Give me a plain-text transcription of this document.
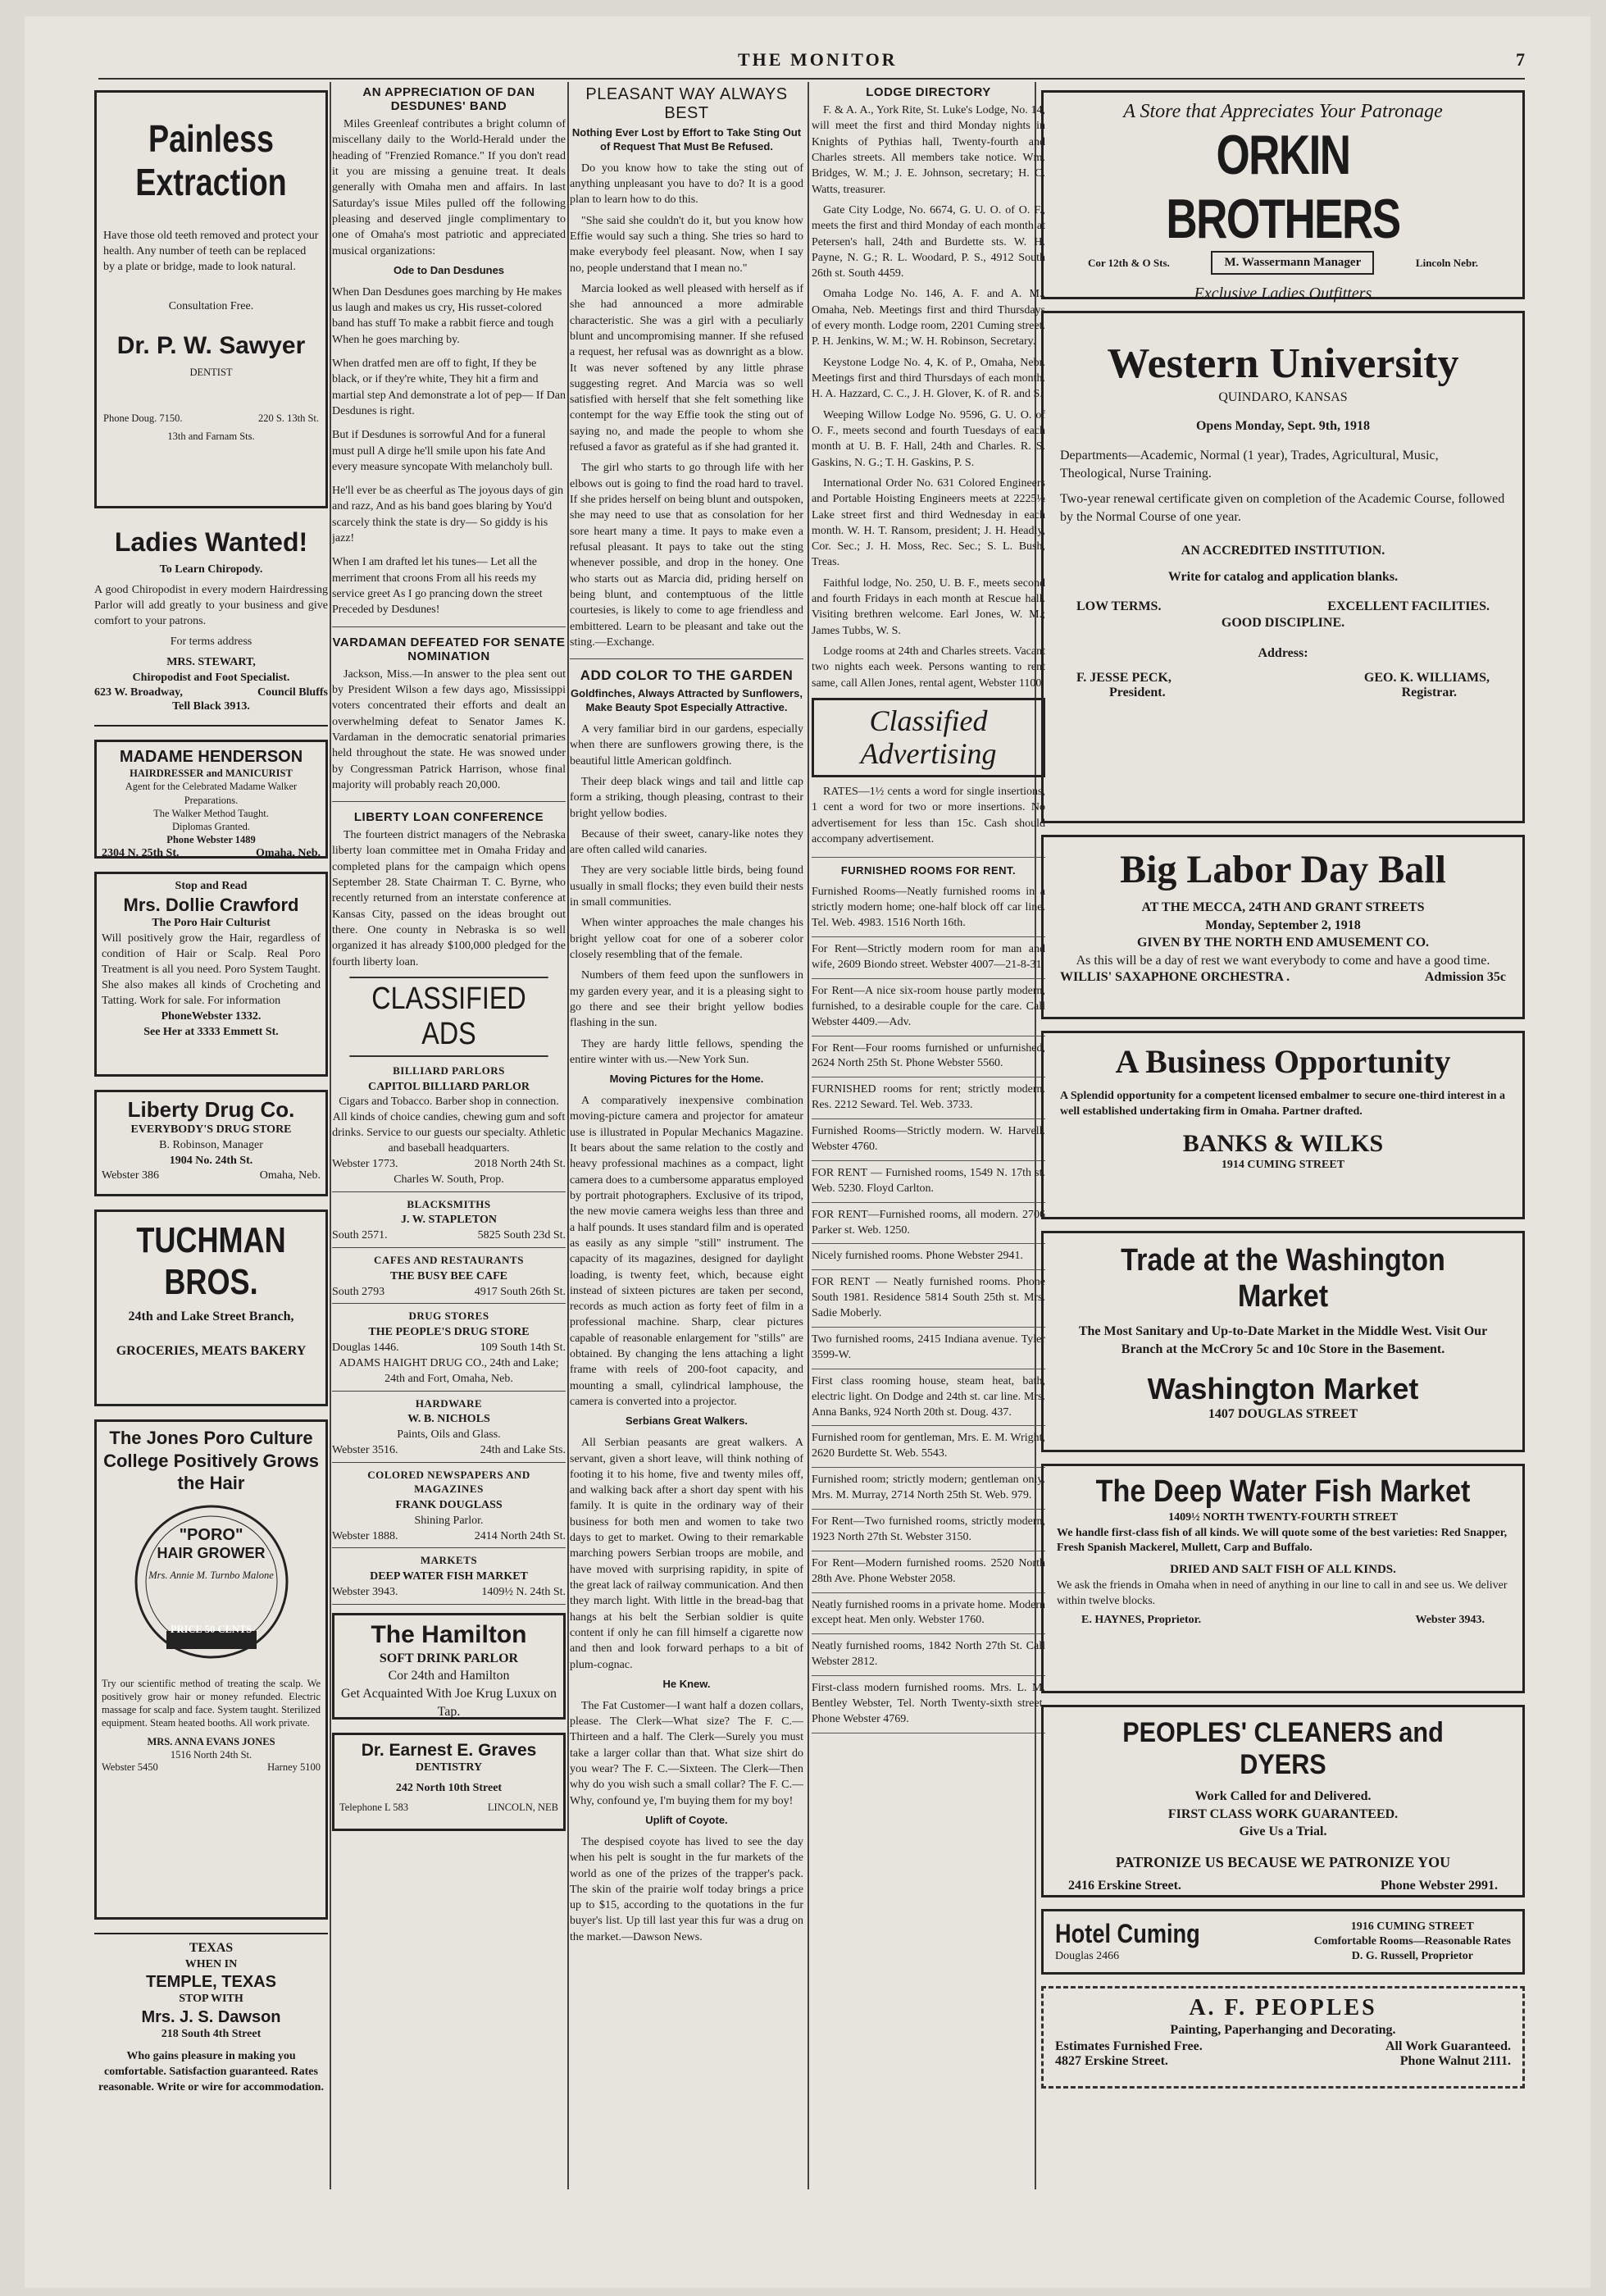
THE MONITOR	7
Painless
Extraction

Have those old teeth removed and protect your health. Any number of teeth can be replaced by a plate or bridge, made to look natural.

Consultation Free.

Dr. P. W. Sawyer

DENTIST

Phone Doug. 7150.	220 S. 13th St.

13th and Farnam Sts.

Ladies Wanted!

To Learn Chiropody.

A good Chiropodist in every modern Hairdressing Parlor will add greatly to your business and give comfort to your patrons.

For terms address

MRS. STEWART,

Chiropodist and Foot Specialist.

623 W. Broadway,	Council Bluffs

Tell Black 3913.

MADAME HENDERSON
HAIRDRESSER and MANICURIST
Agent for the Celebrated Madame Walker Preparations.
The Walker Method Taught.
Diplomas Granted.
Phone Webster 1489
2304 N. 25th St.	Omaha, Neb.
Stop and Read
Mrs. Dollie Crawford
The Poro Hair Culturist
Will positively grow the Hair, regardless of condition of Hair or Scalp. Real Poro Treatment is all you need. Poro System Taught. She also makes all kinds of Crocheting and Tatting. Work for sale. For information
PhoneWebster 1332.
See Her at 3333 Emmett St.
Liberty Drug Co.
EVERYBODY'S DRUG STORE
B. Robinson, Manager
1904 No. 24th St.
Webster 386	Omaha, Neb.
TUCHMAN
BROS.

24th and Lake Street Branch,

GROCERIES, MEATS BAKERY

The Jones Poro Culture College Positively Grows the Hair
"PORO"
HAIR GROWER
Mrs. Annie M. Turnbo Malone
PRICE 50 CENTS
Try our scientific method of treating the scalp. We positively grow hair or money refunded. Electric massage for scalp and face. System taught. Sterilized equipment. Steam heated booths. All work private.
MRS. ANNA EVANS JONES
1516 North 24th St.
Webster 5450	Harney 5100
TEXAS
WHEN IN
TEMPLE, TEXAS
STOP WITH
Mrs. J. S. Dawson
218 South 4th Street
Who gains pleasure in making you comfortable. Satisfaction guaranteed. Rates reasonable. Write or wire for accommodation.
AN APPRECIATION OF DAN DESDUNES' BAND

Miles Greenleaf contributes a bright column of miscellany daily to the World-Herald under the heading of "Frenzied Romance." If you don't read it you are missing a genuine treat. It deals generally with Omaha men and affairs. In last Saturday's issue Miles pulled off the following pleasing and deserved jingle complimentary to one of Omaha's most patriotic and appreciated musical organizations:

Ode to Dan Desdunes

When Dan Desdunes goes marching by He makes us laugh and makes us cry, His russet-colored band has stuff To make a rabbit fierce and tough When he goes marching by.

When dratfed men are off to fight, If they be black, or if they're white, They hit a firm and martial step And demonstrate a lot of pep— If Dan Desdunes is right.

But if Desdunes is sorrowful And for a funeral must pull A dirge he'll smile upon his fate And every measure syncopate With melancholy bull.

He'll ever be as cheerful as The joyous days of gin and razz, And as his band goes blaring by You'd scarcely think the state is dry— So giddy is his jazz!

When I am drafted let his tunes— Let all the merriment that croons From all his reeds my service greet As I go prancing down the street Preceded by Desdunes!

VARDAMAN DEFEATED FOR SENATE NOMINATION

Jackson, Miss.—In answer to the plea sent out by President Wilson a few days ago, Mississippi voters concentrated their efforts and dealt an overwhelming defeat to Senator James K. Vardaman in the democratic senatorial primaries held throughout the state. He was snowed under by Congressman Patrick Harrison, whose final majority will probably reach 20,000.

LIBERTY LOAN CONFERENCE

The fourteen district managers of the Nebraska liberty loan committee met in Omaha Friday and completed plans for the campaign which opens September 28. State Chairman T. C. Byrne, who recently returned from an interstate conference at Kansas City, passed on the ideas brought out there. One county in Nebraska is so well organized it has already $100,000 pledged for the fourth liberty loan.

CLASSIFIED ADS
BILLIARD PARLORS
CAPITOL BILLIARD PARLOR
Cigars and Tobacco. Barber shop in connection. All kinds of choice candies, chewing gum and soft drinks. Service to our guests our specialty. Athletic and baseball headquarters.
Webster 1773.	2018 North 24th St.
Charles W. South, Prop.
BLACKSMITHS
J. W. STAPLETON
South 2571.	5825 South 23d St.
CAFES AND RESTAURANTS
THE BUSY BEE CAFE
South 2793	4917 South 26th St.
DRUG STORES
THE PEOPLE'S DRUG STORE
Douglas 1446.	109 South 14th St.
ADAMS HAIGHT DRUG CO., 24th and Lake; 24th and Fort, Omaha, Neb.
HARDWARE
W. B. NICHOLS
Paints, Oils and Glass.
Webster 3516.	24th and Lake Sts.
COLORED NEWSPAPERS AND MAGAZINES
FRANK DOUGLASS
Shining Parlor.
Webster 1888.	2414 North 24th St.
MARKETS
DEEP WATER FISH MARKET
Webster 3943.	1409½ N. 24th St.
The Hamilton
SOFT DRINK PARLOR
Cor 24th and Hamilton
Get Acquainted With Joe Krug Luxux on Tap.
Dr. Earnest E. Graves
DENTISTRY
242 North 10th Street
Telephone L 583	LINCOLN, NEB
PLEASANT WAY ALWAYS BEST
Nothing Ever Lost by Effort to Take Sting Out of Request That Must Be Refused.

Do you know how to take the sting out of anything unpleasant you have to do? It is a good plan to learn how to do this.

"She said she couldn't do it, but you know how Effie would say such a thing. She tries so hard to make everybody feel pleasant. Now, when I say no, people understand that I mean no."

Marcia looked as well pleased with herself as if she had announced a more admirable characteristic. She was a girl with a peculiarly blunt and uncompromising manner. If she refused a request, her refusal was as downright as a blow. It was never softened by any little phrase suggesting regret. And Marcia was so well satisfied with herself that she felt something like contempt for the way Effie took the sting out of saying no, and made the people to whom she refused a favor as grateful as if she had granted it.

The girl who starts to go through life with her elbows out is going to find the road hard to travel. If she prides herself on being blunt and outspoken, she may need to use that as consolation for her sore heart many a time. It pays to make even a refusal pleasant. It pays to take out the sting whenever possible, and drop in the honey. One who starts out as Marcia did, priding herself on being blunt, and contemptuous of the little courtesies, is likely to come to age friendless and embittered. Learn to be pleasant and take out the sting.—Exchange.

ADD COLOR TO THE GARDEN
Goldfinches, Always Attracted by Sunflowers, Make Beauty Spot Especially Attractive.

A very familiar bird in our gardens, especially when there are sunflowers growing there, is the beautiful little American goldfinch.

Their deep black wings and tail and little cap form a striking, though pleasing, contrast to their bright yellow bodies.

Because of their sweet, canary-like notes they are often called wild canaries.

They are very sociable little birds, being found usually in small flocks; they even build their nests in small communities.

When winter approaches the male changes his bright yellow coat for one of a soberer color closely resembling that of the female.

Numbers of them feed upon the sunflowers in my garden every year, and it is a pleasing sight to go there and see their bright yellow bodies flashing in the sun.

They are hardy little fellows, spending the entire winter with us.—New York Sun.

Moving Pictures for the Home.

A comparatively inexpensive combination moving-picture camera and projector for amateur use is illustrated in Popular Mechanics Magazine. It bears about the same relation to the costly and heavy professional machines as a compact, light camera does to a cumbersome apparatus employed by portrait photographers. Exclusive of its tripod, the new movie camera weighs less than three and a half pounds. It uses standard film and is operated as easily as any simple "still" instrument. The capacity of its magazines, designed for daylight loading, is twenty feet, which, because eight instead of sixteen pictures are taken per second, records as much action as forty feet of film in a professional machine. Sharp, clear pictures capable of reasonable enlargement for "stills" are obtained. By changing the lens attaching a light frame with reels of 200-foot capacity, and mounting a small, cylindrical lamphouse, the camera is converted into a projector.

Serbians Great Walkers.

All Serbian peasants are great walkers. A servant, given a short leave, will think nothing of footing it to his home, five and twenty miles off, and walking back after a short day spent with his family. It is quite in the ordinary way of their business for both men and women to take two days to get to market. Owing to their remarkable marching powers Serbian troops are mobile, and have moved with surprising rapidity, in spite of the great lack of railway communication. And then they march light. With little in the bread-bag that hangs at his belt the Serbian soldier is quite content if only he can fill himself a cigarette now and then and look forward perhaps to a bit of plum-cognac.

He Knew.

The Fat Customer—I want half a dozen collars, please. The Clerk—What size? The F. C.—Thirteen and a half. The Clerk—Surely you must take a larger collar than that. What size shirt do you wear? The F. C.—Sixteen. The Clerk—Then why do you wish such a small collar? The F. C.—Why, confound ye, I'm buying them for my boy!

Uplift of Coyote.

The despised coyote has lived to see the day when his pelt is sought in the fur markets of the world as one of the prizes of the trapper's pack. The skin of the prairie wolf today brings a price up to $15, according to the quotations in the fur buyer's list. Up till last year this fur was a drug on the market.—Dawson News.

LODGE DIRECTORY

F. & A. A., York Rite, St. Luke's Lodge, No. 14, will meet the first and third Monday nights in Knights of Pythias hall, Twenty-fourth and Charles streets. All members take notice. Wm. Bridges, W. M.; J. E. Johnson, secretary; H. C. Watts, treasurer.

Gate City Lodge, No. 6674, G. U. O. of O. F., meets the first and third Monday of each month at Petersen's hall, 24th and Burdette sts. W. H. Payne, N. G.; R. L. Woodard, P. S., 4912 South 26th st. South 4459.

Omaha Lodge No. 146, A. F. and A. M., Omaha, Neb. Meetings first and third Thursdays of every month. Lodge room, 2201 Cuming street. P. H. Jenkins, W. M.; W. H. Robinson, Secretary.

Keystone Lodge No. 4, K. of P., Omaha, Nebr. Meetings first and third Thursdays of each month. H. A. Hazzard, C. C., J. H. Glover, K. of R. and S.

Weeping Willow Lodge No. 9596, G. U. O. of O. F., meets second and fourth Tuesdays of each month at U. B. F. Hall, 24th and Charles. R. S. Gaskins, N. G.; T. H. Gaskins, P. S.

International Order No. 631 Colored Engineers and Portable Hoisting Engineers meets at 2225½ Lake street first and third Wednesday in each month. W. H. T. Ransom, president; J. H. Headly, Cor. Sec.; J. H. Moss, Rec. Sec.; S. L. Bush, Treas.

Faithful lodge, No. 250, U. B. F., meets second and fourth Fridays in each month at Rescue hall. Visiting brethren welcome. Earl Jones, W. M.; James Tubbs, W. S.

Lodge rooms at 24th and Charles streets. Vacant two nights each week. Persons wanting to rent same, call Allen Jones, rental agent, Webster 1100.

Classified
Advertising

RATES—1½ cents a word for single insertions, 1 cent a word for two or more insertions. No advertisement for less than 15c. Cash should accompany advertisement.

FURNISHED ROOMS FOR RENT.
Furnished Rooms—Neatly furnished rooms in a strictly modern home; one-half block off car line. Tel. Web. 4983. 1516 North 16th.
For Rent—Strictly modern room for man and wife, 2609 Biondo street. Webster 4007—21-8-31.
For Rent—A nice six-room house partly modern, furnished, to a desirable couple for the care. Call Webster 4409.—Adv.
For Rent—Four rooms furnished or unfurnished, 2624 North 25th St. Phone Webster 5560.
FURNISHED rooms for rent; strictly modern. Res. 2212 Seward. Tel. Web. 3733.
Furnished Rooms—Strictly modern. W. Harvell. Webster 4760.
FOR RENT — Furnished rooms, 1549 N. 17th st. Web. 5230. Floyd Carlton.
FOR RENT—Furnished rooms, all modern. 2706 Parker st. Web. 1250.
Nicely furnished rooms. Phone Webster 2941.
FOR RENT — Neatly furnished rooms. Phone South 1981. Residence 5814 South 25th st. Mrs. Sadie Moberly.
Two furnished rooms, 2415 Indiana avenue. Tyler 3599-W.
First class rooming house, steam heat, bath, electric light. On Dodge and 24th st. car line. Mrs. Anna Banks, 924 North 20th st. Doug. 437.
Furnished room for gentleman, Mrs. E. M. Wright, 2620 Burdette St. Web. 5543.
Furnished room; strictly modern; gentleman only. Mrs. M. Murray, 2714 North 25th St. Web. 979.
For Rent—Two furnished rooms, strictly modern, 1923 North 27th St. Webster 3150.
For Rent—Modern furnished rooms. 2520 North 28th Ave. Phone Webster 2058.
Neatly furnished rooms in a private home. Modern except heat. Men only. Webster 1760.
Neatly furnished rooms, 1842 North 27th St. Call Webster 2812.
First-class modern furnished rooms. Mrs. L. M. Bentley Webster, Tel. North Twenty-sixth street. Phone Webster 4769.
A Store that Appreciates Your Patronage
ORKIN BROTHERS
Cor 12th & O Sts.	M. Wassermann Manager	Lincoln Nebr.
Exclusive Ladies Outfitters
Western University
QUINDARO, KANSAS
Opens Monday, Sept. 9th, 1918
Departments—Academic, Normal (1 year), Trades, Agricultural, Music, Theological, Nurse Training.
Two-year renewal certificate given on completion of the Academic Course, followed by the Normal Course of one year.
AN ACCREDITED INSTITUTION.
Write for catalog and application blanks.
LOW TERMS.	EXCELLENT FACILITIES.
GOOD DISCIPLINE.
Address:
F. JESSE PECK,	GEO. K. WILLIAMS,
President.	Registrar.
Big Labor Day Ball
AT THE MECCA, 24TH AND GRANT STREETS
Monday, September 2, 1918
GIVEN BY THE NORTH END AMUSEMENT CO.
As this will be a day of rest we want everybody to come and have a good time.
WILLIS' SAXAPHONE ORCHESTRA .	Admission 35c
A Business Opportunity
A Splendid opportunity for a competent licensed embalmer to secure one-third interest in a well established undertaking firm in Omaha. Partner drafted.
BANKS & WILKS
1914 CUMING STREET
Trade at the Washington Market
The Most Sanitary and Up-to-Date Market in the Middle West. Visit Our Branch at the McCrory 5c and 10c Store in the Basement.
Washington Market
1407 DOUGLAS STREET
The Deep Water Fish Market
1409½ NORTH TWENTY-FOURTH STREET
We handle first-class fish of all kinds. We will quote some of the best varieties: Red Snapper, Fresh Spanish Mackerel, Mullett, Carp and Buffalo.
DRIED AND SALT FISH OF ALL KINDS.
We ask the friends in Omaha when in need of anything in our line to call in and see us. We deliver within twelve blocks.
E. HAYNES, Proprietor.	Webster 3943.
PEOPLES' CLEANERS and DYERS
Work Called for and Delivered.
FIRST CLASS WORK GUARANTEED.
Give Us a Trial.
PATRONIZE US BECAUSE WE PATRONIZE YOU
2416 Erskine Street.	Phone Webster 2991.
Hotel Cuming
Douglas 2466
1916 CUMING STREET
Comfortable Rooms—Reasonable Rates
D. G. Russell, Proprietor
A. F. PEOPLES
Painting, Paperhanging and Decorating.
Estimates Furnished Free.	All Work Guaranteed.
4827 Erskine Street.	Phone Walnut 2111.
